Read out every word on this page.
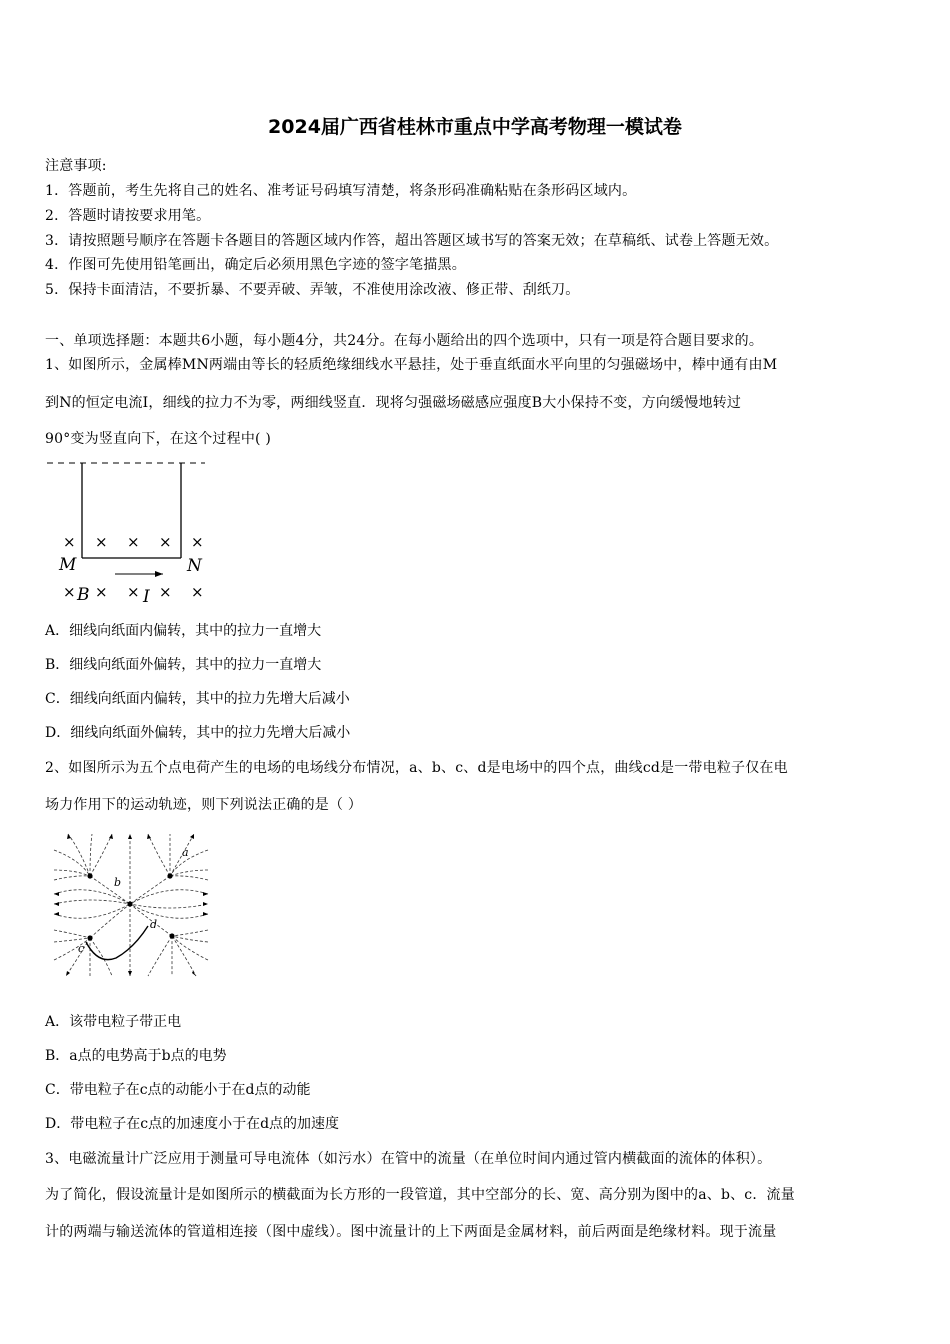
2024届广西省桂林市重点中学高考物理一模试卷
注意事项:
1．答题前，考生先将自己的姓名、准考证号码填写清楚，将条形码准确粘贴在条形码区域内。
2．答题时请按要求用笔。
3．请按照题号顺序在答题卡各题目的答题区域内作答，超出答题区域书写的答案无效；在草稿纸、试卷上答题无效。
4．作图可先使用铅笔画出，确定后必须用黑色字迹的签字笔描黑。
5．保持卡面清洁，不要折暴、不要弄破、弄皱，不准使用涂改液、修正带、刮纸刀。
一、单项选择题：本题共6小题，每小题4分，共24分。在每小题给出的四个选项中，只有一项是符合题目要求的。
1、如图所示，金属棒MN两端由等长的轻质绝缘细线水平悬挂，处于垂直纸面水平向里的匀强磁场中，棒中通有由M
到N的恒定电流I，细线的拉力不为零，两细线竖直．现将匀强磁场磁感应强度B大小保持不变，方向缓慢地转过
90°变为竖直向下，在这个过程中( )
× × × × ×
× × × × ×
M	N
B	I
A．细线向纸面内偏转，其中的拉力一直增大
B．细线向纸面外偏转，其中的拉力一直增大
C．细线向纸面内偏转，其中的拉力先增大后减小
D．细线向纸面外偏转，其中的拉力先增大后减小
2、如图所示为五个点电荷产生的电场的电场线分布情况，a、b、c、d是电场中的四个点，曲线cd是一带电粒子仅在电
场力作用下的运动轨迹，则下列说法正确的是（ ）
a
b
c
d
A．该带电粒子带正电
B．a点的电势高于b点的电势
C．带电粒子在c点的动能小于在d点的动能
D．带电粒子在c点的加速度小于在d点的加速度
3、电磁流量计广泛应用于测量可导电流体（如污水）在管中的流量（在单位时间内通过管内横截面的流体的体积）。
为了简化，假设流量计是如图所示的横截面为长方形的一段管道，其中空部分的长、宽、高分别为图中的a、b、c．流量
计的两端与输送流体的管道相连接（图中虚线）。图中流量计的上下两面是金属材料，前后两面是绝缘材料。现于流量
